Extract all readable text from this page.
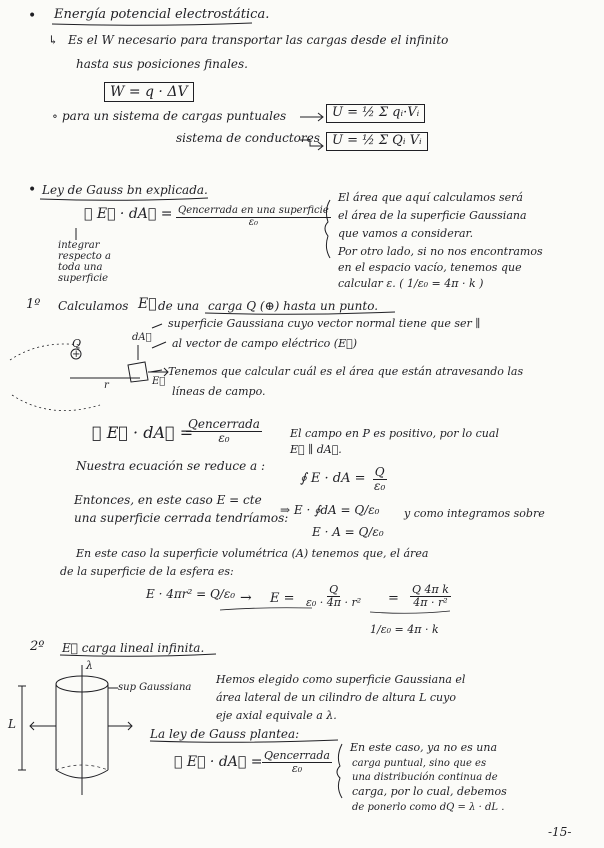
• Energía potencial electrostática.
↳ Es el W necesario para transportar las cargas desde el infinito
hasta sus posiciones finales.
W = q · ΔV
∘ para un sistema de cargas puntuales	U = ½ Σ qᵢ·Vᵢ
sistema de conductores U = ½ Σ Qᵢ Vᵢ
• Ley de Gauss bn explicada.
∮ E⃗ · dA⃗ = $\frac{\text{Qencerrada en una superficie}}{\text{ε₀}}$
integrar respecto a toda una superficie
El área que aquí calculamos será
el área de la superficie Gaussiana
que vamos a considerar.
Por otro lado, si no nos encontramos
en el espacio vacío, tenemos que
calcular ε. ( 1/ε₀ = 4π · k )
1º Calculamos E⃗ de una carga Q (⊕) hasta un punto.
Q
+
r	E⃗
dA⃗
superficie Gaussiana cuyo vector normal tiene que ser ∥
al vector de campo eléctrico (E⃗)
Tenemos que calcular cuál es el área que están atravesando las
líneas de campo.
∮ E⃗ · dA⃗ =
$\frac{\text{Qencerrada}}{\text{ε₀}}$	El campo en P es positivo, por lo cual
E⃗ ∥ dA⃗.
Nuestra ecuación se reduce a :
∮ E · dA = $\frac{Q}{\text{ε₀}}$
Entonces, en este caso E = cte
⇒ E · ∮dA = Q/ε₀ y como integramos sobre
una superficie cerrada tendríamos:
E · A = Q/ε₀
En este caso la superficie volumétrica (A) tenemos que, el área
de la superficie de la esfera es:
$E \cdot 4\pi r^2 = Q/\varepsilon_0 \to E = \frac{Q}{\text{ε₀ · 4π · r²}} = \frac{\text{Q 4π k}}{\text{4π · r²}}$
1/ε₀ = 4π · k
2º E⃗ carga lineal infinita.
λ
sup Gaussiana
L
Hemos elegido como superficie Gaussiana el
área lateral de un cilindro de altura L cuyo
eje axial equivale a λ.
La ley de Gauss plantea:
∮ E⃗ · dA⃗ = $\frac{\text{Qencerrada}}{\text{ε₀}}$
En este caso, ya no es una
carga puntual, sino que es
una distribución continua de
carga, por lo cual, debemos
de ponerlo como dQ = λ · dL .
-15-
